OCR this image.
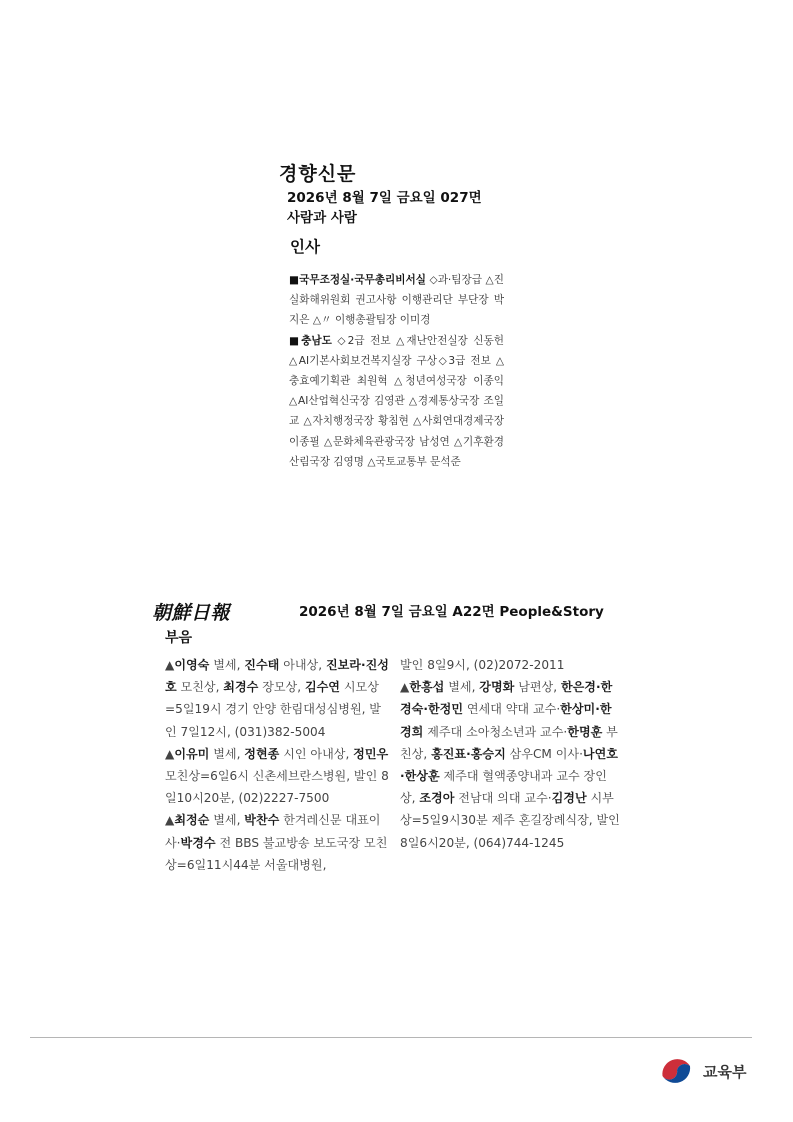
경향신문
2026년 8월 7일 금요일 027면
사람과 사람
인사

■국무조정실·국무총리비서실 ◇과·팀장급 △진실화해위원회 권고사항 이행관리단 부단장 박지은 △〃 이행총괄팀장 이미경

■충남도 ◇2급 전보 △재난안전실장 신동헌 △AI기본사회보건복지실장 구상◇3급 전보 △충효예기획관 최원혁 △청년여성국장 이종익 △AI산업혁신국장 김영관 △경제통상국장 조일교 △자치행정국장 황침현 △사회연대경제국장 이종필 △문화체육관광국장 남성연 △기후환경산림국장 김영명 △국토교통부 문석준

朝鮮日報	2026년 8월 7일 금요일 A22면 People&Story
부음

▲이영숙 별세, 진수태 아내상, 진보라·진성호 모친상, 최경수 장모상, 김수연 시모상=5일19시 경기 안양 한림대성심병원, 발인 7일12시, (031)382-5004

▲이유미 별세, 정현종 시인 아내상, 정민우 모친상=6일6시 신촌세브란스병원, 발인 8일10시20분, (02)2227-7500

▲최정순 별세, 박찬수 한겨레신문 대표이사·박경수 전 BBS 불교방송 보도국장 모친상=6일11시44분 서울대병원,

발인 8일9시, (02)2072-2011

▲한흥섭 별세, 강명화 남편상, 한은경·한경숙·한정민 연세대 약대 교수·한상미·한경희 제주대 소아청소년과 교수·한명훈 부친상, 홍진표·홍승지 삼우CM 이사·나연호·한상훈 제주대 혈액종양내과 교수 장인상, 조경아 전남대 의대 교수·김경난 시부상=5일9시30분 제주 혼길장례식장, 발인 8일6시20분, (064)744-1245

교육부
